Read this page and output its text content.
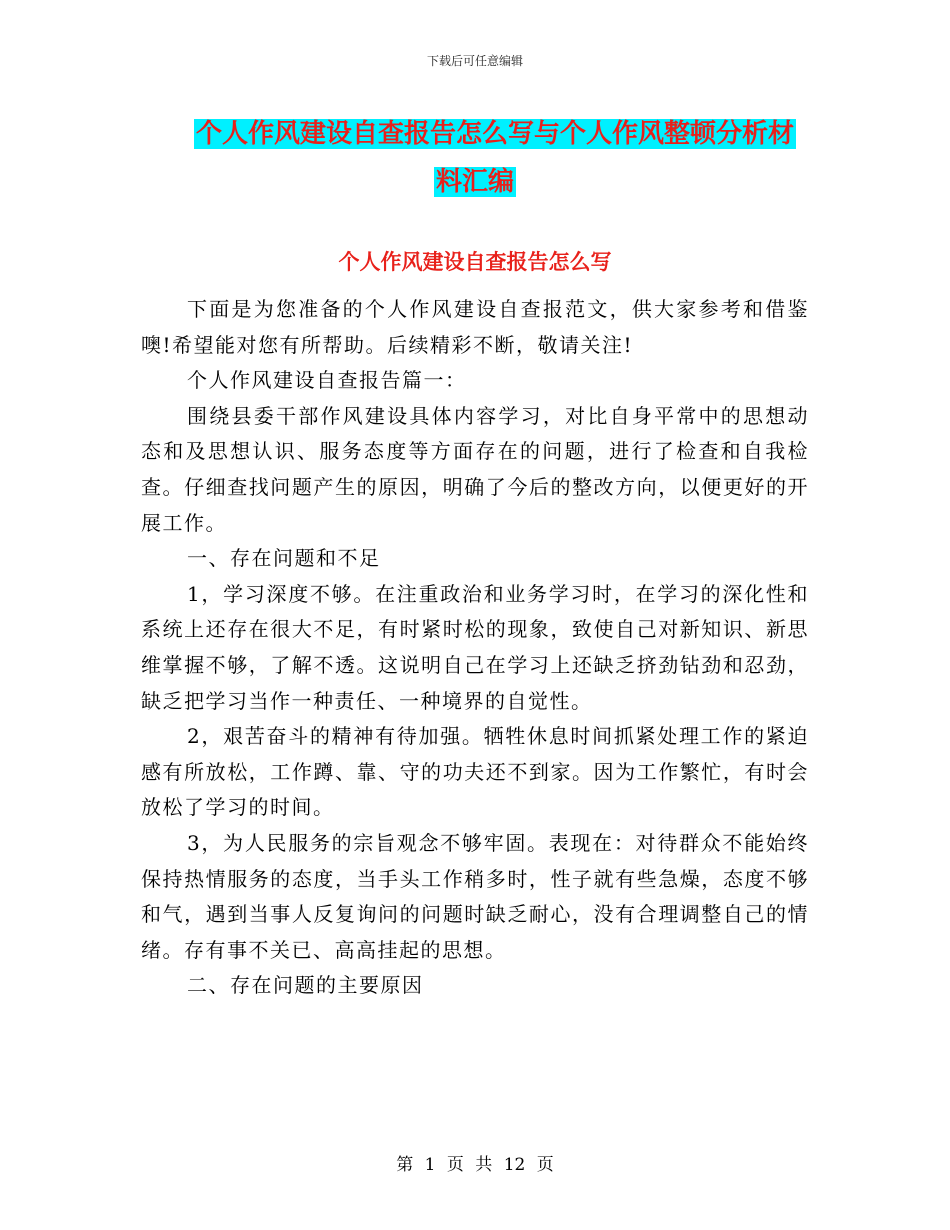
下载后可任意编辑
个人作风建设自查报告怎么写与个人作风整顿分析材
料汇编
个人作风建设自查报告怎么写

下面是为您准备的个人作风建设自查报范文，供大家参考和借鉴噢!希望能对您有所帮助。后续精彩不断，敬请关注!

个人作风建设自查报告篇一：

围绕县委干部作风建设具体内容学习，对比自身平常中的思想动态和及思想认识、服务态度等方面存在的问题，进行了检查和自我检查。仔细查找问题产生的原因，明确了今后的整改方向，以便更好的开展工作。

一、存在问题和不足

1，学习深度不够。在注重政治和业务学习时，在学习的深化性和系统上还存在很大不足，有时紧时松的现象，致使自己对新知识、新思维掌握不够，了解不透。这说明自己在学习上还缺乏挤劲钻劲和忍劲，缺乏把学习当作一种责任、一种境界的自觉性。

2，艰苦奋斗的精神有待加强。牺牲休息时间抓紧处理工作的紧迫感有所放松，工作蹲、靠、守的功夫还不到家。因为工作繁忙，有时会放松了学习的时间。

3，为人民服务的宗旨观念不够牢固。表现在：对待群众不能始终保持热情服务的态度，当手头工作稍多时，性子就有些急燥，态度不够和气，遇到当事人反复询问的问题时缺乏耐心，没有合理调整自己的情绪。存有事不关已、高高挂起的思想。

二、存在问题的主要原因

第 1 页 共 12 页
